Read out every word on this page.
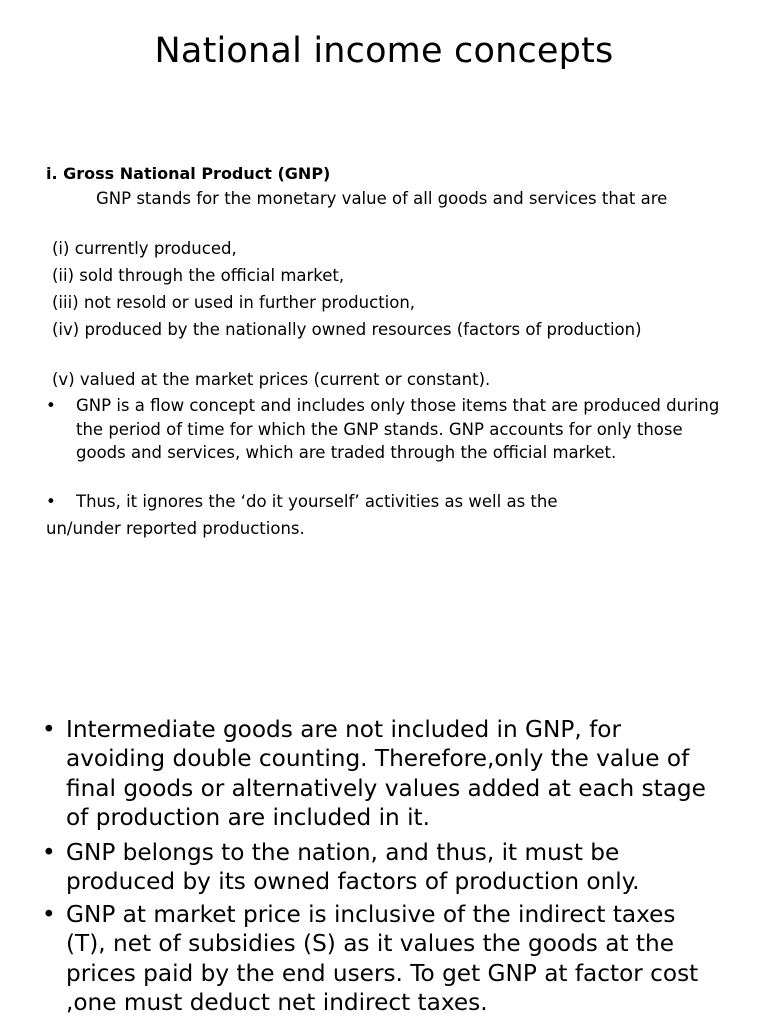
National income concepts
i. Gross National Product (GNP)
GNP stands for the monetary value of all goods and services that are
(i) currently produced,
(ii) sold through the official market,
(iii) not resold or used in further production,
(iv) produced by the nationally owned resources (factors of production)
(v) valued at the market prices (current or constant).
• GNP is a flow concept and includes only those items that are produced during the period of time for which the GNP stands. GNP accounts for only those goods and services, which are traded through the official market.
• Thus, it ignores the ‘do it yourself’ activities as well as the
un/under reported productions.
• Intermediate goods are not included in GNP, for avoiding double counting. Therefore,only the value of final goods or alternatively values added at each stage of production are included in it.
• GNP belongs to the nation, and thus, it must be produced by its owned factors of production only.
• GNP at market price is inclusive of the indirect taxes (T), net of subsidies (S) as it values the goods at the prices paid by the end users. To get GNP at factor cost ,one must deduct net indirect taxes.
